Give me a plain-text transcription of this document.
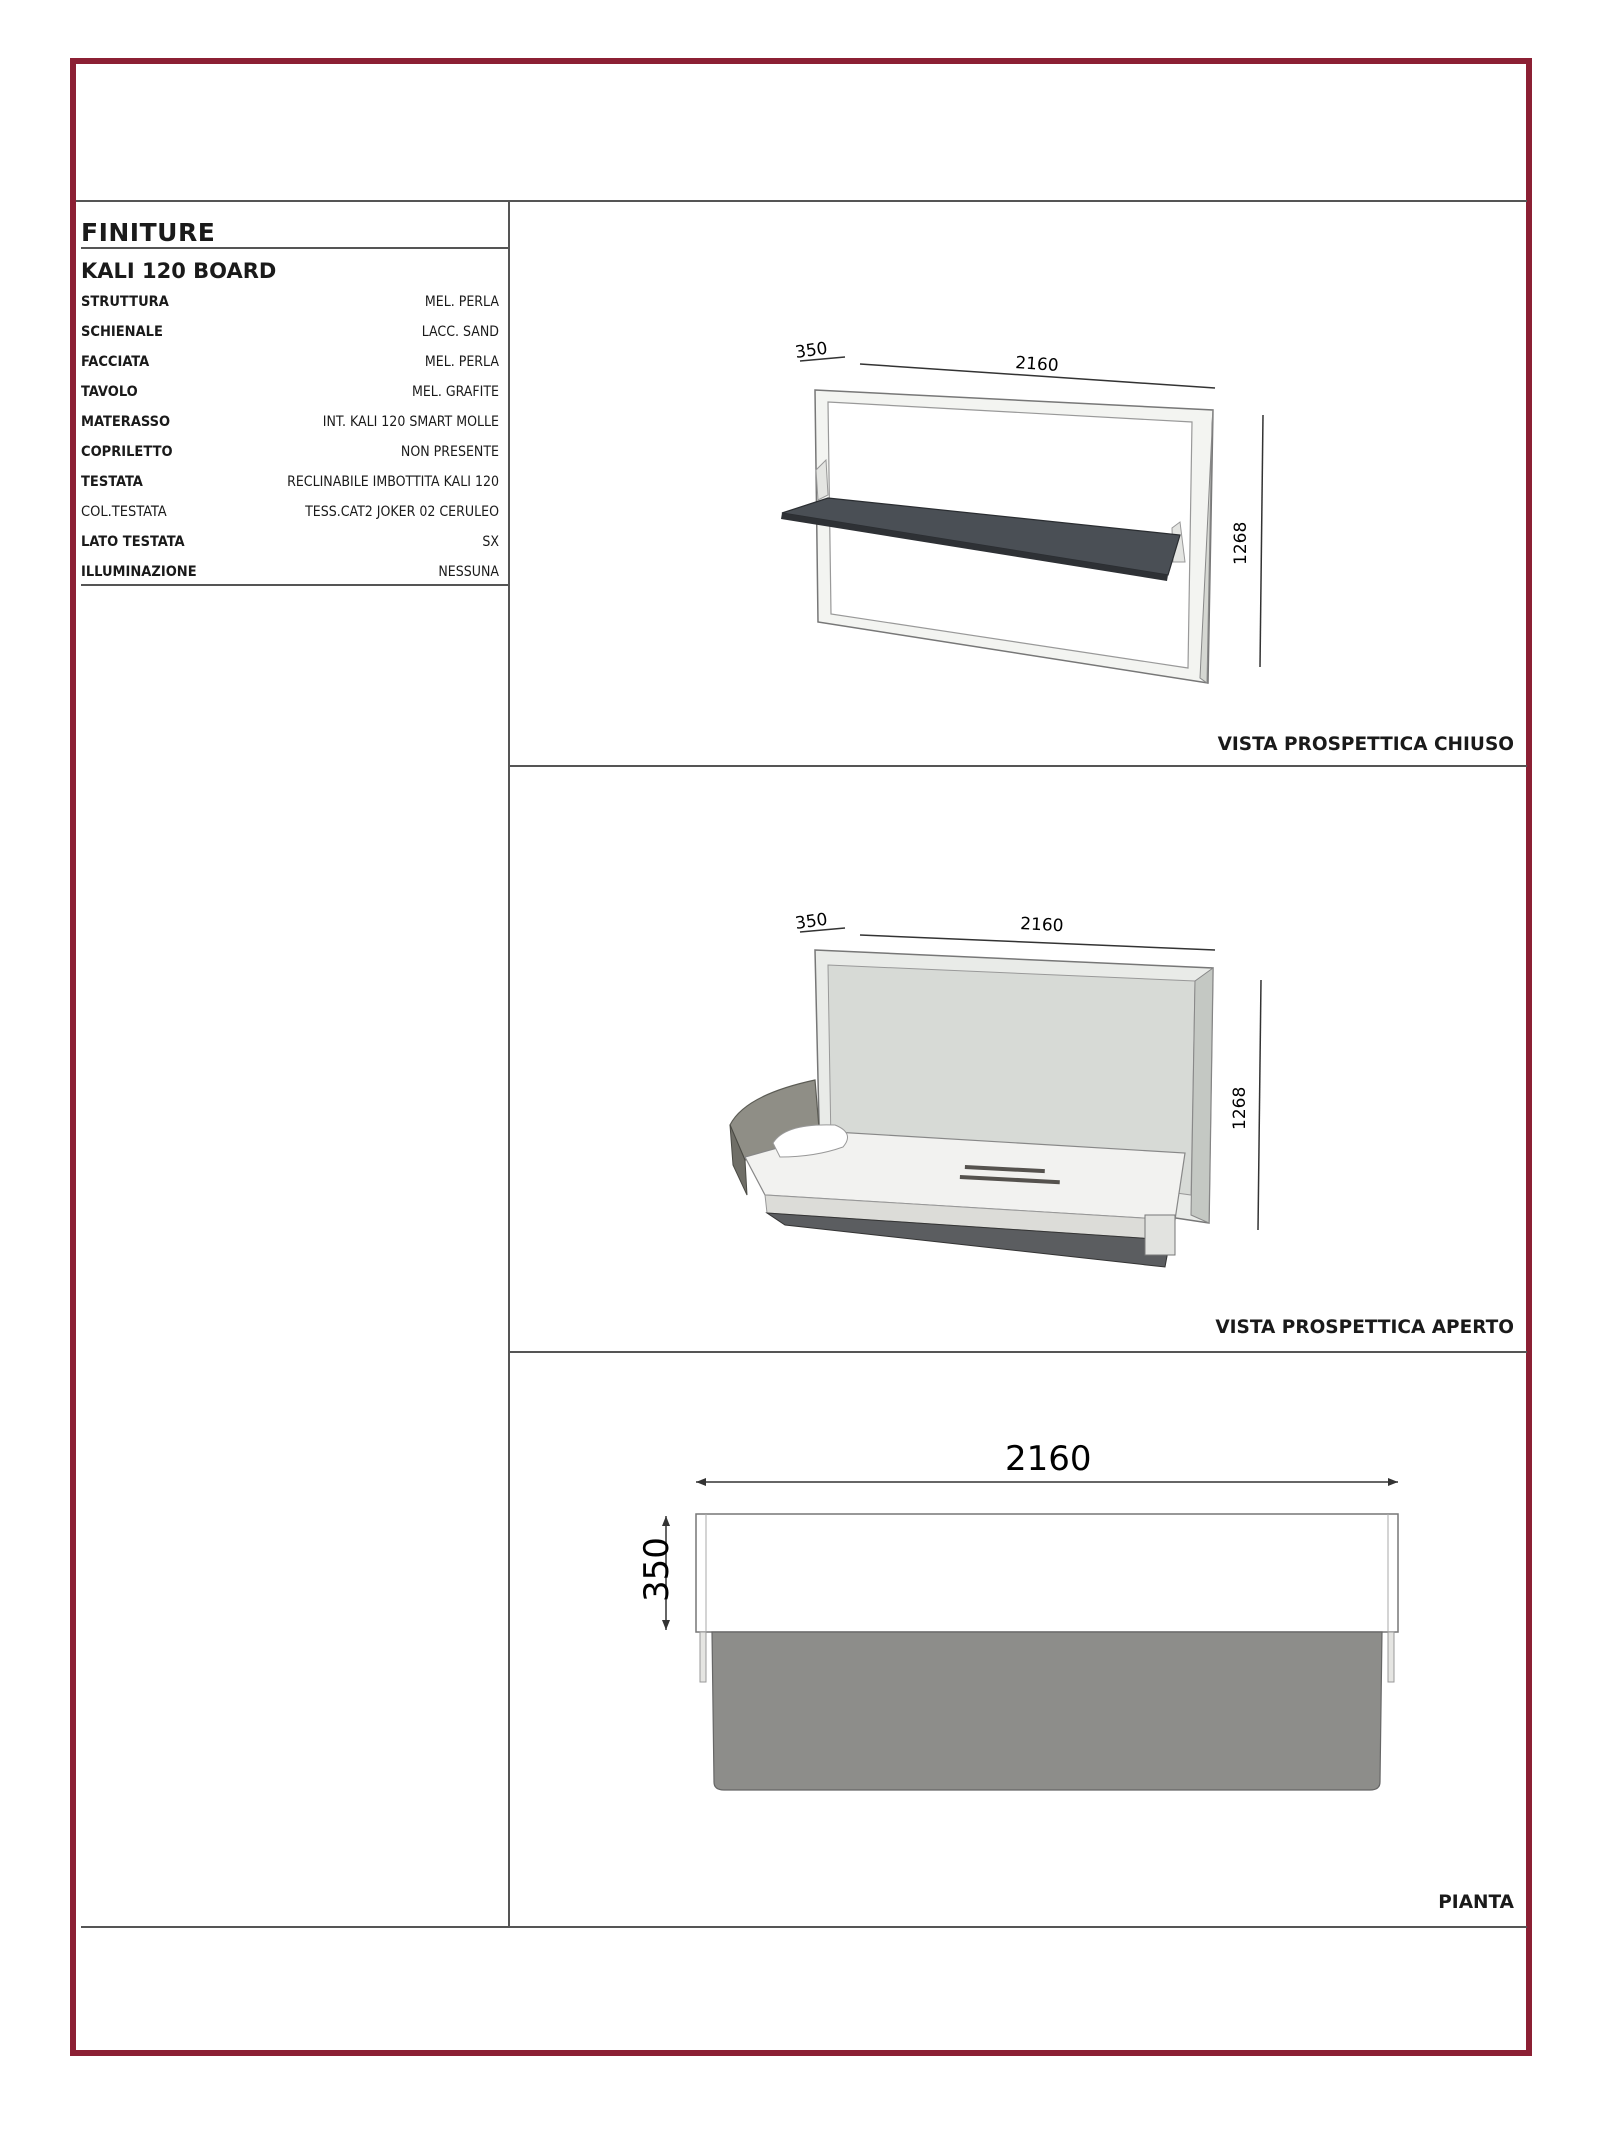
FINITURE
KALI 120 BOARD
STRUTTURA	MEL. PERLA
SCHIENALE	LACC. SAND
FACCIATA	MEL. PERLA
TAVOLO	MEL. GRAFITE
MATERASSO	INT. KALI 120 SMART MOLLE
COPRILETTO	NON PRESENTE
TESTATA	RECLINABILE IMBOTTITA KALI 120
COL.TESTATA	TESS.CAT2 JOKER 02 CERULEO
LATO TESTATA	SX
ILLUMINAZIONE	NESSUNA
350
2160
1268
VISTA PROSPETTICA CHIUSO
350	2160
1268
VISTA PROSPETTICA APERTO
2160
350
PIANTA
